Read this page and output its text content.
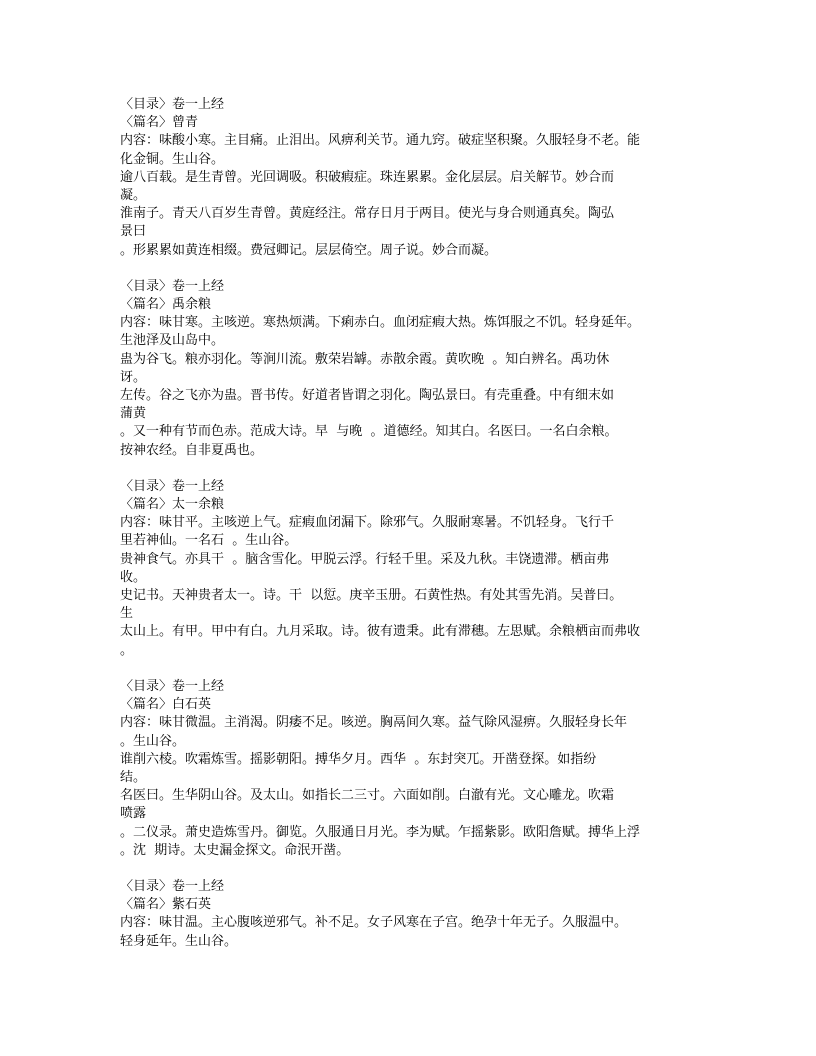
〈目录〉卷一上经
〈篇名〉曾青
内容：味酸小寒。主目痛。止泪出。风痹利关节。通九窍。破症坚积聚。久服轻身不老。能
化金铜。生山谷。
逾八百载。是生青曾。光回调吸。积破瘕症。珠连累累。金化层层。启关解节。妙合而
凝。
淮南子。青天八百岁生青曾。黄庭经注。常存日月于两目。使光与身合则通真矣。陶弘
景曰
。形累累如黄连相缀。费冠卿记。层层倚空。周子说。妙合而凝。
〈目录〉卷一上经
〈篇名〉禹余粮
内容：味甘寒。主咳逆。寒热烦满。下痢赤白。血闭症瘕大热。炼饵服之不饥。轻身延年。
生池泽及山岛中。
蛊为谷飞。粮亦羽化。等涧川流。敷荣岩罅。赤散余霞。黄吹晚  。知白辨名。禹功休
讶。
左传。谷之飞亦为蛊。晋书传。好道者皆谓之羽化。陶弘景曰。有壳重叠。中有细末如
蒲黄
。又一种有节而色赤。范成大诗。早  与晚  。道德经。知其白。名医曰。一名白余粮。
按神农经。自非夏禹也。
〈目录〉卷一上经
〈篇名〉太一余粮
内容：味甘平。主咳逆上气。症瘕血闭漏下。除邪气。久服耐寒暑。不饥轻身。飞行千
里若神仙。一名石  。生山谷。
贵神食气。亦具干  。脑含雪化。甲脱云浮。行轻千里。采及九秋。丰饶遗滞。栖亩弗
收。
史记书。天神贵者太一。诗。干  以愆。庚辛玉册。石黄性热。有处其雪先消。吴普曰。
生
太山上。有甲。甲中有白。九月采取。诗。彼有遗秉。此有滞穗。左思赋。余粮栖亩而弗收
。
〈目录〉卷一上经
〈篇名〉白石英
内容：味甘微温。主消渴。阴痿不足。咳逆。胸鬲间久寒。益气除风湿痹。久服轻身长年
。生山谷。
谁削六棱。吹霜炼雪。摇影朝阳。搏华夕月。西华  。东封突兀。开凿登探。如指纷
结。
名医曰。生华阴山谷。及太山。如指长二三寸。六面如削。白澈有光。文心雕龙。吹霜
喷露
。二仪录。萧史造炼雪丹。御览。久服通日月光。李为赋。乍摇紫影。欧阳詹赋。搏华上浮
。沈  期诗。太史漏金探文。命泯开凿。
〈目录〉卷一上经
〈篇名〉紫石英
内容：味甘温。主心腹咳逆邪气。补不足。女子风寒在子宫。绝孕十年无子。久服温中。
轻身延年。生山谷。
